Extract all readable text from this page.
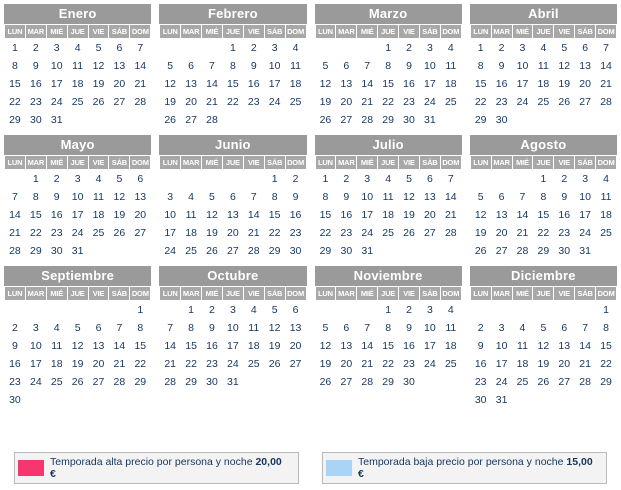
Enero
LUN	MAR	MIÉ	JUE	VIE	SÁB	DOM
1	2	3	4	5	6	7
8	9	10	11	12	13	14
15	16	17	18	19	20	21
22	23	24	25	26	27	28
29	30	31				
Febrero
LUN	MAR	MIÉ	JUE	VIE	SÁB	DOM
			1	2	3	4
5	6	7	8	9	10	11
12	13	14	15	16	17	18
19	20	21	22	23	24	25
26	27	28				
Marzo
LUN	MAR	MIÉ	JUE	VIE	SÁB	DOM
			1	2	3	4
5	6	7	8	9	10	11
12	13	14	15	16	17	18
19	20	21	22	23	24	25
26	27	28	29	30	31	
Abril
LUN	MAR	MIÉ	JUE	VIE	SÁB	DOM
1	2	3	4	5	6	7
8	9	10	11	12	13	14
15	16	17	18	19	20	21
22	23	24	25	26	27	28
29	30					
Mayo
LUN	MAR	MIÉ	JUE	VIE	SÁB	DOM
	1	2	3	4	5	6
7	8	9	10	11	12	13
14	15	16	17	18	19	20
21	22	23	24	25	26	27
28	29	30	31			
Junio
LUN	MAR	MIÉ	JUE	VIE	SÁB	DOM
					1	2
3	4	5	6	7	8	9
10	11	12	13	14	15	16
17	18	19	20	21	22	23
24	25	26	27	28	29	30
Julio
LUN	MAR	MIÉ	JUE	VIE	SÁB	DOM
1	2	3	4	5	6	7
8	9	10	11	12	13	14
15	16	17	18	19	20	21
22	23	24	25	26	27	28
29	30	31				
Agosto
LUN	MAR	MIÉ	JUE	VIE	SÁB	DOM
			1	2	3	4
5	6	7	8	9	10	11
12	13	14	15	16	17	18
19	20	21	22	23	24	25
26	27	28	29	30	31	
Septiembre
LUN	MAR	MIÉ	JUE	VIE	SÁB	DOM
						1
2	3	4	5	6	7	8
9	10	11	12	13	14	15
16	17	18	19	20	21	22
23	24	25	26	27	28	29
30						
Octubre
LUN	MAR	MIÉ	JUE	VIE	SÁB	DOM
	1	2	3	4	5	6
7	8	9	10	11	12	13
14	15	16	17	18	19	20
21	22	23	24	25	26	27
28	29	30	31			
Noviembre
LUN	MAR	MIÉ	JUE	VIE	SÁB	DOM
			1	2	3	4
5	6	7	8	9	10	11
12	13	14	15	16	17	18
19	20	21	22	23	24	25
26	27	28	29	30		
Diciembre
LUN	MAR	MIÉ	JUE	VIE	SÁB	DOM
						1
2	3	4	5	6	7	8
9	10	11	12	13	14	15
16	17	18	19	20	21	22
23	24	25	26	27	28	29
30	31					
Temporada alta precio por persona y noche 20,00 €
Temporada baja precio por persona y noche 15,00 €
